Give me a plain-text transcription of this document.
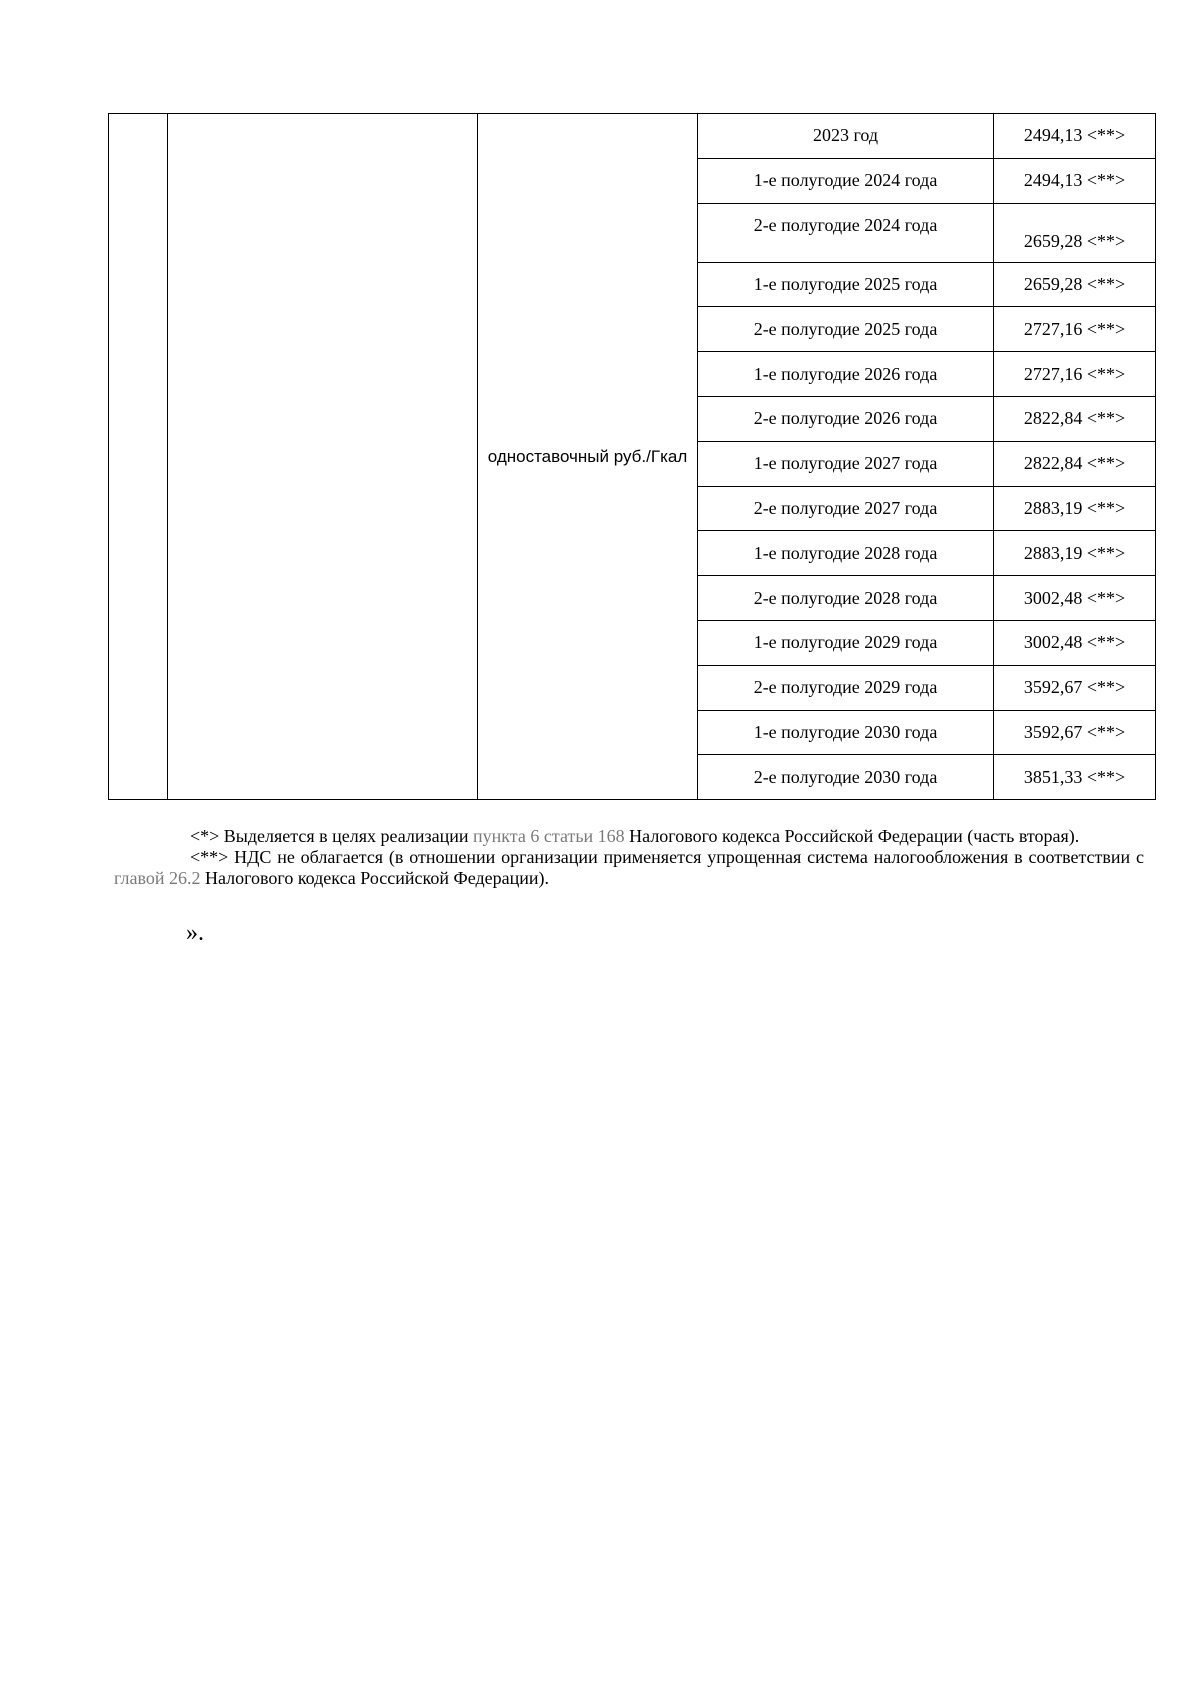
		одноставочный руб./Гкал	2023 год	2494,13 <**>
			1-е полугодие 2024 года	2494,13 <**>
			2-е полугодие 2024 года	2659,28 <**>
			1-е полугодие 2025 года	2659,28 <**>
			2-е полугодие 2025 года	2727,16 <**>
			1-е полугодие 2026 года	2727,16 <**>
			2-е полугодие 2026 года	2822,84 <**>
			1-е полугодие 2027 года	2822,84 <**>
			2-е полугодие 2027 года	2883,19 <**>
			1-е полугодие 2028 года	2883,19 <**>
			2-е полугодие 2028 года	3002,48 <**>
			1-е полугодие 2029 года	3002,48 <**>
			2-е полугодие 2029 года	3592,67 <**>
			1-е полугодие 2030 года	3592,67 <**>
			2-е полугодие 2030 года	3851,33 <**>

<*> Выделяется в целях реализации пункта 6 статьи 168 Налогового кодекса Российской Федерации (часть вторая).

<**> НДС не облагается (в отношении организации применяется упрощенная система налогообложения в соответствии с главой 26.2 Налогового кодекса Российской Федерации).

».
